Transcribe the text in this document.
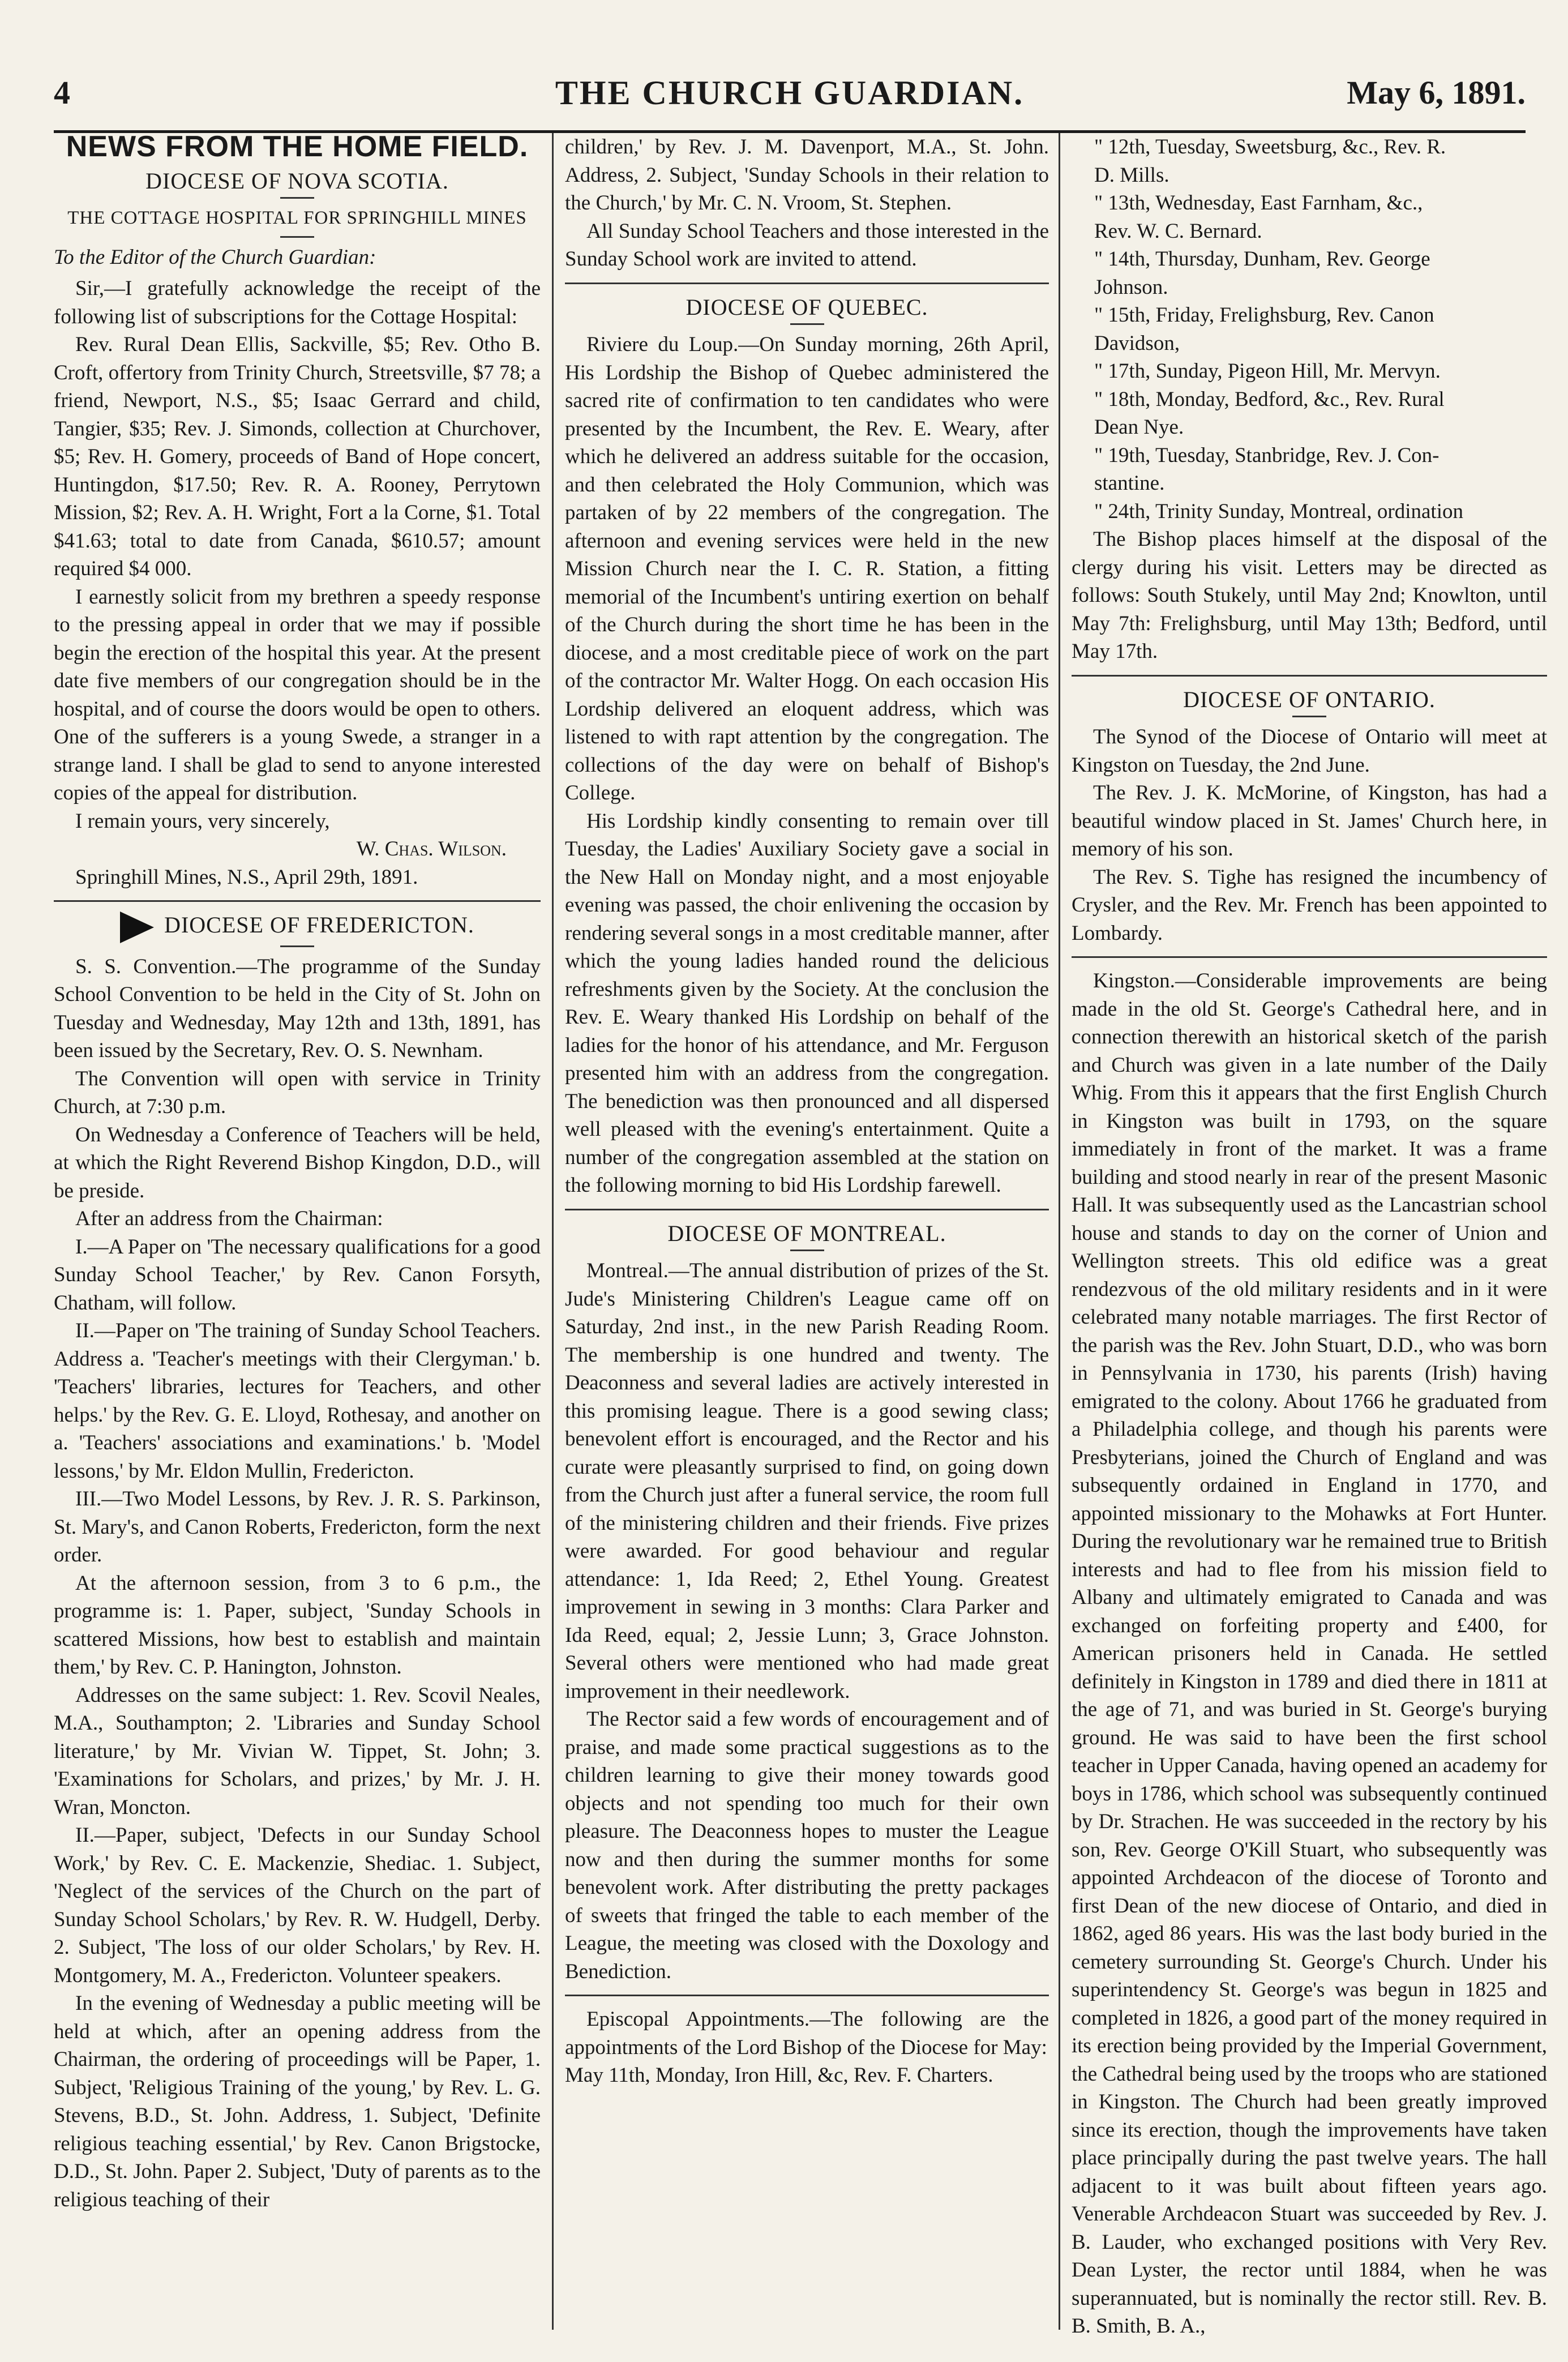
4	THE CHURCH GUARDIAN.	May 6, 1891.
NEWS FROM THE HOME FIELD.
DIOCESE OF NOVA SCOTIA.
THE COTTAGE HOSPITAL FOR SPRINGHILL MINES

To the Editor of the Church Guardian:

Sir,—I gratefully acknowledge the receipt of the following list of subscriptions for the Cottage Hospital:

Rev. Rural Dean Ellis, Sackville, $5; Rev. Otho B. Croft, offertory from Trinity Church, Streetsville, $7 78; a friend, Newport, N.S., $5; Isaac Gerrard and child, Tangier, $35; Rev. J. Simonds, collection at Churchover, $5; Rev. H. Gomery, proceeds of Band of Hope concert, Huntingdon, $17.50; Rev. R. A. Rooney, Perrytown Mission, $2; Rev. A. H. Wright, Fort a la Corne, $1. Total $41.63; total to date from Canada, $610.57; amount required $4 000.

I earnestly solicit from my brethren a speedy response to the pressing appeal in order that we may if possible begin the erection of the hospital this year. At the present date five members of our congregation should be in the hospital, and of course the doors would be open to others. One of the sufferers is a young Swede, a stranger in a strange land. I shall be glad to send to anyone interested copies of the appeal for distribution.

I remain yours, very sincerely,

W. Chas. Wilson.

Springhill Mines, N.S., April 29th, 1891.

DIOCESE OF FREDERICTON.

S. S. Convention.—The programme of the Sunday School Convention to be held in the City of St. John on Tuesday and Wednesday, May 12th and 13th, 1891, has been issued by the Secretary, Rev. O. S. Newnham.

The Convention will open with service in Trinity Church, at 7:30 p.m.

On Wednesday a Conference of Teachers will be held, at which the Right Reverend Bishop Kingdon, D.D., will be preside.

After an address from the Chairman:

I.—A Paper on 'The necessary qualifications for a good Sunday School Teacher,' by Rev. Canon Forsyth, Chatham, will follow.

II.—Paper on 'The training of Sunday School Teachers. Address a. 'Teacher's meetings with their Clergyman.' b. 'Teachers' libraries, lectures for Teachers, and other helps.' by the Rev. G. E. Lloyd, Rothesay, and another on a. 'Teachers' associations and examinations.' b. 'Model lessons,' by Mr. Eldon Mullin, Fredericton.

III.—Two Model Lessons, by Rev. J. R. S. Parkinson, St. Mary's, and Canon Roberts, Fredericton, form the next order.

At the afternoon session, from 3 to 6 p.m., the programme is: 1. Paper, subject, 'Sunday Schools in scattered Missions, how best to establish and maintain them,' by Rev. C. P. Hanington, Johnston.

Addresses on the same subject: 1. Rev. Scovil Neales, M.A., Southampton; 2. 'Libraries and Sunday School literature,' by Mr. Vivian W. Tippet, St. John; 3. 'Examinations for Scholars, and prizes,' by Mr. J. H. Wran, Moncton.

II.—Paper, subject, 'Defects in our Sunday School Work,' by Rev. C. E. Mackenzie, Shediac. 1. Subject, 'Neglect of the services of the Church on the part of Sunday School Scholars,' by Rev. R. W. Hudgell, Derby. 2. Subject, 'The loss of our older Scholars,' by Rev. H. Montgomery, M. A., Fredericton. Volunteer speakers.

In the evening of Wednesday a public meeting will be held at which, after an opening address from the Chairman, the ordering of proceedings will be Paper, 1. Subject, 'Religious Training of the young,' by Rev. L. G. Stevens, B.D., St. John. Address, 1. Subject, 'Definite religious teaching essential,' by Rev. Canon Brigstocke, D.D., St. John. Paper 2. Subject, 'Duty of parents as to the religious teaching of their

children,' by Rev. J. M. Davenport, M.A., St. John. Address, 2. Subject, 'Sunday Schools in their relation to the Church,' by Mr. C. N. Vroom, St. Stephen.

All Sunday School Teachers and those interested in the Sunday School work are invited to attend.

DIOCESE OF QUEBEC.

Riviere du Loup.—On Sunday morning, 26th April, His Lordship the Bishop of Quebec administered the sacred rite of confirmation to ten candidates who were presented by the Incumbent, the Rev. E. Weary, after which he delivered an address suitable for the occasion, and then celebrated the Holy Communion, which was partaken of by 22 members of the congregation. The afternoon and evening services were held in the new Mission Church near the I. C. R. Station, a fitting memorial of the Incumbent's untiring exertion on behalf of the Church during the short time he has been in the diocese, and a most creditable piece of work on the part of the contractor Mr. Walter Hogg. On each occasion His Lordship delivered an eloquent address, which was listened to with rapt attention by the congregation. The collections of the day were on behalf of Bishop's College.

His Lordship kindly consenting to remain over till Tuesday, the Ladies' Auxiliary Society gave a social in the New Hall on Monday night, and a most enjoyable evening was passed, the choir enlivening the occasion by rendering several songs in a most creditable manner, after which the young ladies handed round the delicious refreshments given by the Society. At the conclusion the Rev. E. Weary thanked His Lordship on behalf of the ladies for the honor of his attendance, and Mr. Ferguson presented him with an address from the congregation. The benediction was then pronounced and all dispersed well pleased with the evening's entertainment. Quite a number of the congregation assembled at the station on the following morning to bid His Lordship farewell.

DIOCESE OF MONTREAL.

Montreal.—The annual distribution of prizes of the St. Jude's Ministering Children's League came off on Saturday, 2nd inst., in the new Parish Reading Room. The membership is one hundred and twenty. The Deaconness and several ladies are actively interested in this promising league. There is a good sewing class; benevolent effort is encouraged, and the Rector and his curate were pleasantly surprised to find, on going down from the Church just after a funeral service, the room full of the ministering children and their friends. Five prizes were awarded. For good behaviour and regular attendance: 1, Ida Reed; 2, Ethel Young. Greatest improvement in sewing in 3 months: Clara Parker and Ida Reed, equal; 2, Jessie Lunn; 3, Grace Johnston. Several others were mentioned who had made great improvement in their needlework.

The Rector said a few words of encouragement and of praise, and made some practical suggestions as to the children learning to give their money towards good objects and not spending too much for their own pleasure. The Deaconness hopes to muster the League now and then during the summer months for some benevolent work. After distributing the pretty packages of sweets that fringed the table to each member of the League, the meeting was closed with the Doxology and Benediction.

Episcopal Appointments.—The following are the appointments of the Lord Bishop of the Diocese for May:

May 11th, Monday, Iron Hill, &c, Rev. F. Charters.

" 12th, Tuesday, Sweetsburg, &c., Rev. R.

D. Mills.

" 13th, Wednesday, East Farnham, &c.,

Rev. W. C. Bernard.

" 14th, Thursday, Dunham, Rev. George

Johnson.

" 15th, Friday, Frelighsburg, Rev. Canon

Davidson,

" 17th, Sunday, Pigeon Hill, Mr. Mervyn.

" 18th, Monday, Bedford, &c., Rev. Rural

Dean Nye.

" 19th, Tuesday, Stanbridge, Rev. J. Con-

stantine.

" 24th, Trinity Sunday, Montreal, ordination

The Bishop places himself at the disposal of the clergy during his visit. Letters may be directed as follows: South Stukely, until May 2nd; Knowlton, until May 7th: Frelighsburg, until May 13th; Bedford, until May 17th.

DIOCESE OF ONTARIO.

The Synod of the Diocese of Ontario will meet at Kingston on Tuesday, the 2nd June.

The Rev. J. K. McMorine, of Kingston, has had a beautiful window placed in St. James' Church here, in memory of his son.

The Rev. S. Tighe has resigned the incumbency of Crysler, and the Rev. Mr. French has been appointed to Lombardy.

Kingston.—Considerable improvements are being made in the old St. George's Cathedral here, and in connection therewith an historical sketch of the parish and Church was given in a late number of the Daily Whig. From this it appears that the first English Church in Kingston was built in 1793, on the square immediately in front of the market. It was a frame building and stood nearly in rear of the present Masonic Hall. It was subsequently used as the Lancastrian school house and stands to day on the corner of Union and Wellington streets. This old edifice was a great rendezvous of the old military residents and in it were celebrated many notable marriages. The first Rector of the parish was the Rev. John Stuart, D.D., who was born in Pennsylvania in 1730, his parents (Irish) having emigrated to the colony. About 1766 he graduated from a Philadelphia college, and though his parents were Presbyterians, joined the Church of England and was subsequently ordained in England in 1770, and appointed missionary to the Mohawks at Fort Hunter. During the revolutionary war he remained true to British interests and had to flee from his mission field to Albany and ultimately emigrated to Canada and was exchanged on forfeiting property and £400, for American prisoners held in Canada. He settled definitely in Kingston in 1789 and died there in 1811 at the age of 71, and was buried in St. George's burying ground. He was said to have been the first school teacher in Upper Canada, having opened an academy for boys in 1786, which school was subsequently continued by Dr. Strachen. He was succeeded in the rectory by his son, Rev. George O'Kill Stuart, who subsequently was appointed Archdeacon of the diocese of Toronto and first Dean of the new diocese of Ontario, and died in 1862, aged 86 years. His was the last body buried in the cemetery surrounding St. George's Church. Under his superintendency St. George's was begun in 1825 and completed in 1826, a good part of the money required in its erection being provided by the Imperial Government, the Cathedral being used by the troops who are stationed in Kingston. The Church had been greatly improved since its erection, though the improvements have taken place principally during the past twelve years. The hall adjacent to it was built about fifteen years ago. Venerable Archdeacon Stuart was succeeded by Rev. J. B. Lauder, who exchanged positions with Very Rev. Dean Lyster, the rector until 1884, when he was superannuated, but is nominally the rector still. Rev. B. B. Smith, B. A.,
